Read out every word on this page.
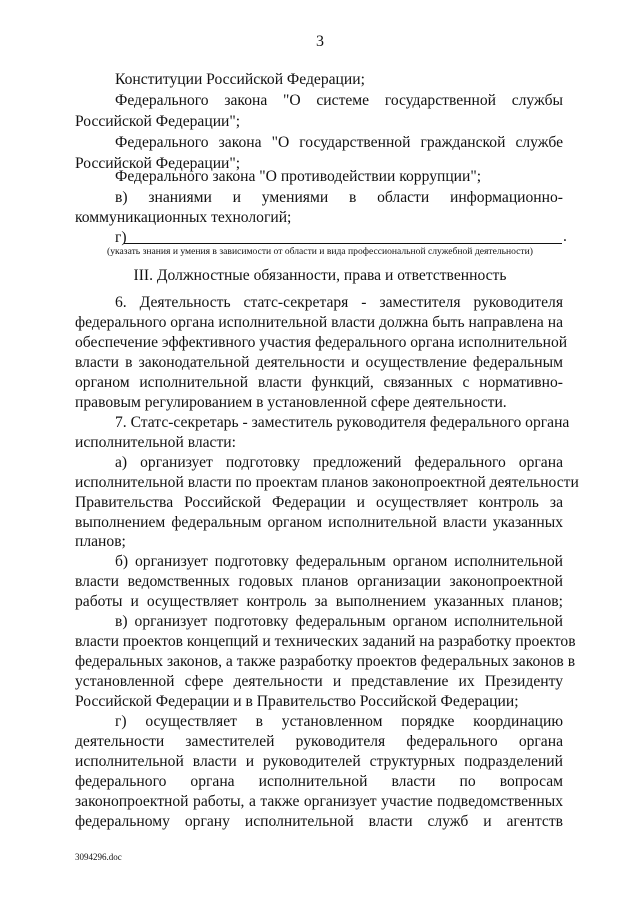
3
Конституции Российской Федерации;
Федерального закона "О системе государственной службы
Российской Федерации";
Федерального закона "О государственной гражданской службе
Российской Федерации";
Федерального закона "О противодействии коррупции";
в) знаниями и умениями в области информационно-
коммуникационных технологий;
г)	.
(указать знания и умения в зависимости от области и вида профессиональной служебной деятельности)
III. Должностные обязанности, права и ответственность
6. Деятельность статс-секретаря - заместителя руководителя
федерального органа исполнительной власти должна быть направлена на
обеспечение эффективного участия федерального органа исполнительной
власти в законодательной деятельности и осуществление федеральным
органом исполнительной власти функций, связанных с нормативно-
правовым регулированием в установленной сфере деятельности.
7. Статс-секретарь - заместитель руководителя федерального органа
исполнительной власти:
а) организует подготовку предложений федерального органа
исполнительной власти по проектам планов законопроектной деятельности
Правительства Российской Федерации и осуществляет контроль за
выполнением федеральным органом исполнительной власти указанных
планов;
б) организует подготовку федеральным органом исполнительной
власти ведомственных годовых планов организации законопроектной
работы и осуществляет контроль за выполнением указанных планов;
в) организует подготовку федеральным органом исполнительной
власти проектов концепций и технических заданий на разработку проектов
федеральных законов, а также разработку проектов федеральных законов в
установленной сфере деятельности и представление их Президенту
Российской Федерации и в Правительство Российской Федерации;
г) осуществляет в установленном порядке координацию
деятельности заместителей руководителя федерального органа
исполнительной власти и руководителей структурных подразделений
федерального органа исполнительной власти по вопросам
законопроектной работы, а также организует участие подведомственных
федеральному органу исполнительной власти служб и агентств
3094296.doc
